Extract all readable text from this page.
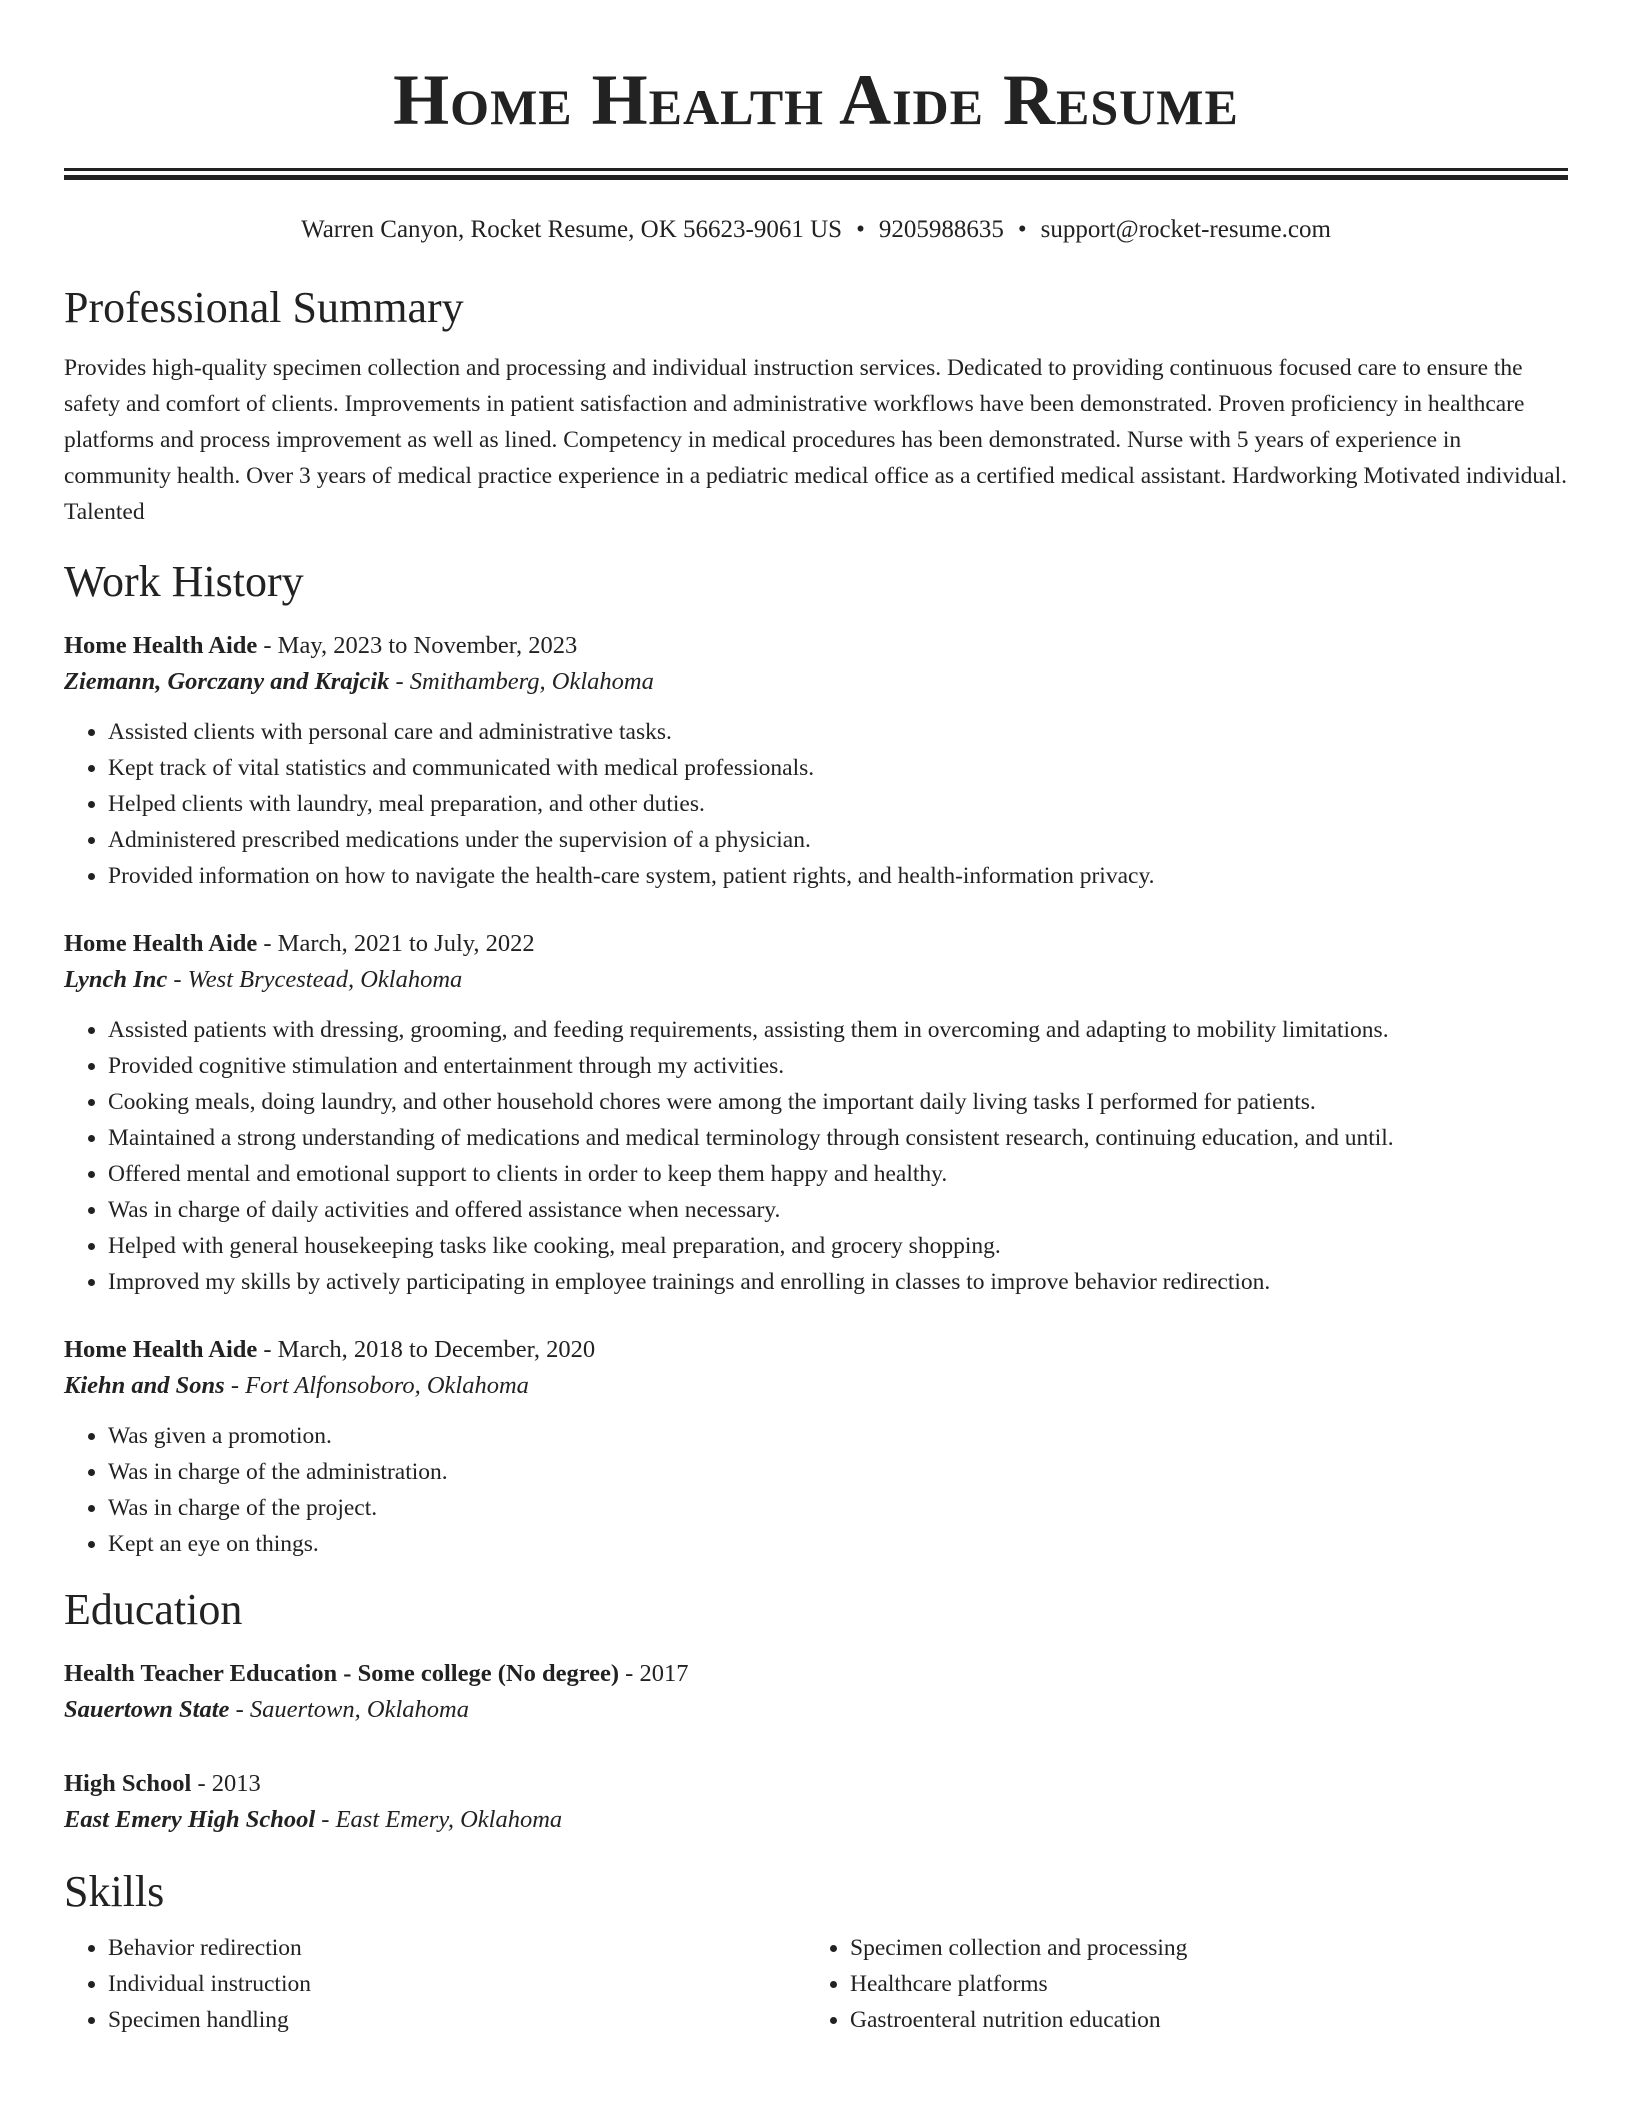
Home Health Aide Resume
Warren Canyon, Rocket Resume, OK 56623-9061 US • 9205988635 • support@rocket-resume.com
Professional Summary

Provides high-quality specimen collection and processing and individual instruction services. Dedicated to providing continuous focused care to ensure the safety and comfort of clients. Improvements in patient satisfaction and administrative workflows have been demonstrated. Proven proficiency in healthcare platforms and process improvement as well as lined. Competency in medical procedures has been demonstrated. Nurse with 5 years of experience in community health. Over 3 years of medical practice experience in a pediatric medical office as a certified medical assistant. Hardworking Motivated individual. Talented

Work History
Home Health Aide - May, 2023 to November, 2023
Ziemann, Gorczany and Krajcik - Smithamberg, Oklahoma
• Assisted clients with personal care and administrative tasks.
• Kept track of vital statistics and communicated with medical professionals.
• Helped clients with laundry, meal preparation, and other duties.
• Administered prescribed medications under the supervision of a physician.
• Provided information on how to navigate the health-care system, patient rights, and health-information privacy.
Home Health Aide - March, 2021 to July, 2022
Lynch Inc - West Brycestead, Oklahoma
• Assisted patients with dressing, grooming, and feeding requirements, assisting them in overcoming and adapting to mobility limitations.
• Provided cognitive stimulation and entertainment through my activities.
• Cooking meals, doing laundry, and other household chores were among the important daily living tasks I performed for patients.
• Maintained a strong understanding of medications and medical terminology through consistent research, continuing education, and until.
• Offered mental and emotional support to clients in order to keep them happy and healthy.
• Was in charge of daily activities and offered assistance when necessary.
• Helped with general housekeeping tasks like cooking, meal preparation, and grocery shopping.
• Improved my skills by actively participating in employee trainings and enrolling in classes to improve behavior redirection.
Home Health Aide - March, 2018 to December, 2020
Kiehn and Sons - Fort Alfonsoboro, Oklahoma
• Was given a promotion.
• Was in charge of the administration.
• Was in charge of the project.
• Kept an eye on things.
Education
Health Teacher Education - Some college (No degree) - 2017
Sauertown State - Sauertown, Oklahoma
High School - 2013
East Emery High School - East Emery, Oklahoma
Skills
• Behavior redirection
• Individual instruction
• Specimen handling
• Specimen collection and processing
• Healthcare platforms
• Gastroenteral nutrition education
